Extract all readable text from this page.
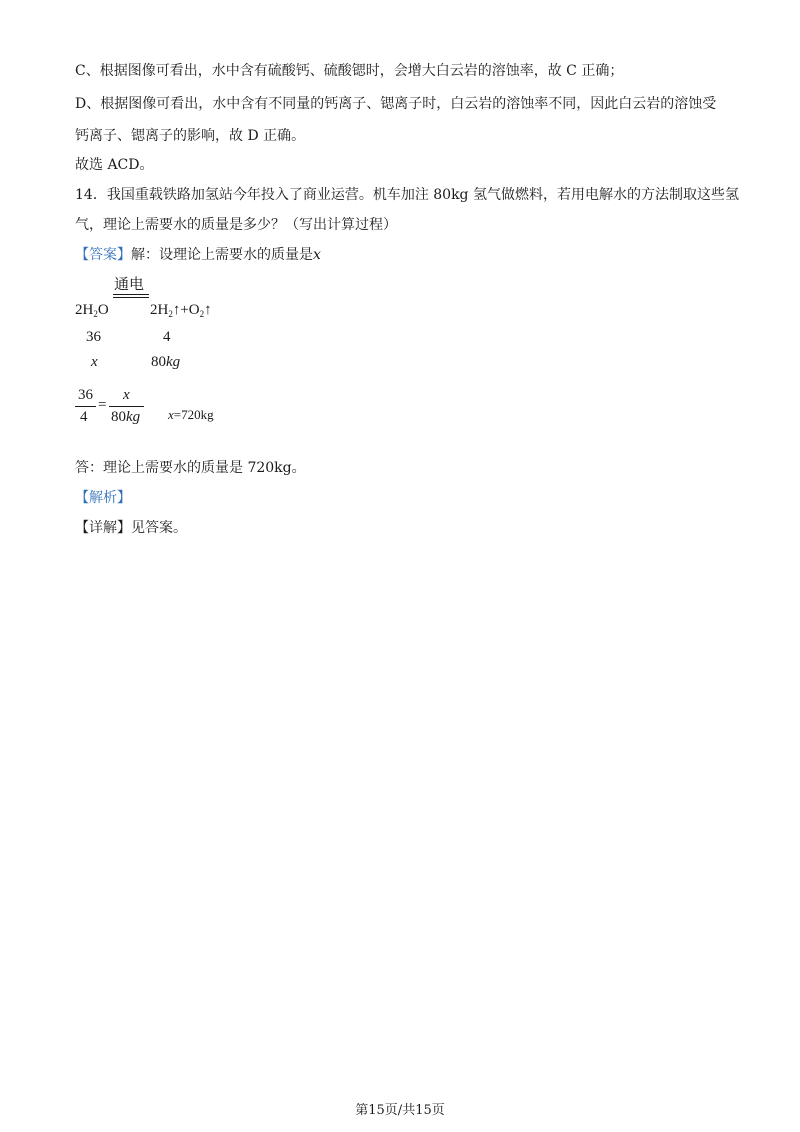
C、根据图像可看出，水中含有硫酸钙、硫酸锶时，会增大白云岩的溶蚀率，故 C 正确；
D、根据图像可看出，水中含有不同量的钙离子、锶离子时，白云岩的溶蚀率不同，因此白云岩的溶蚀受
钙离子、锶离子的影响，故 D 正确。
故选 ACD。
14．我国重载铁路加氢站今年投入了商业运营。机车加注 80kg 氢气做燃料，若用电解水的方法制取这些氢
气，理论上需要水的质量是多少？（写出计算过程）
【答案】解：设理论上需要水的质量是x
通电
$2H_2O$	$2H_2↑+O_2↑$
36	4
x	80kg
36
4
=
x
80kg x=720kg
答：理论上需要水的质量是 720kg。
【解析】
【详解】见答案。
第15页/共15页
